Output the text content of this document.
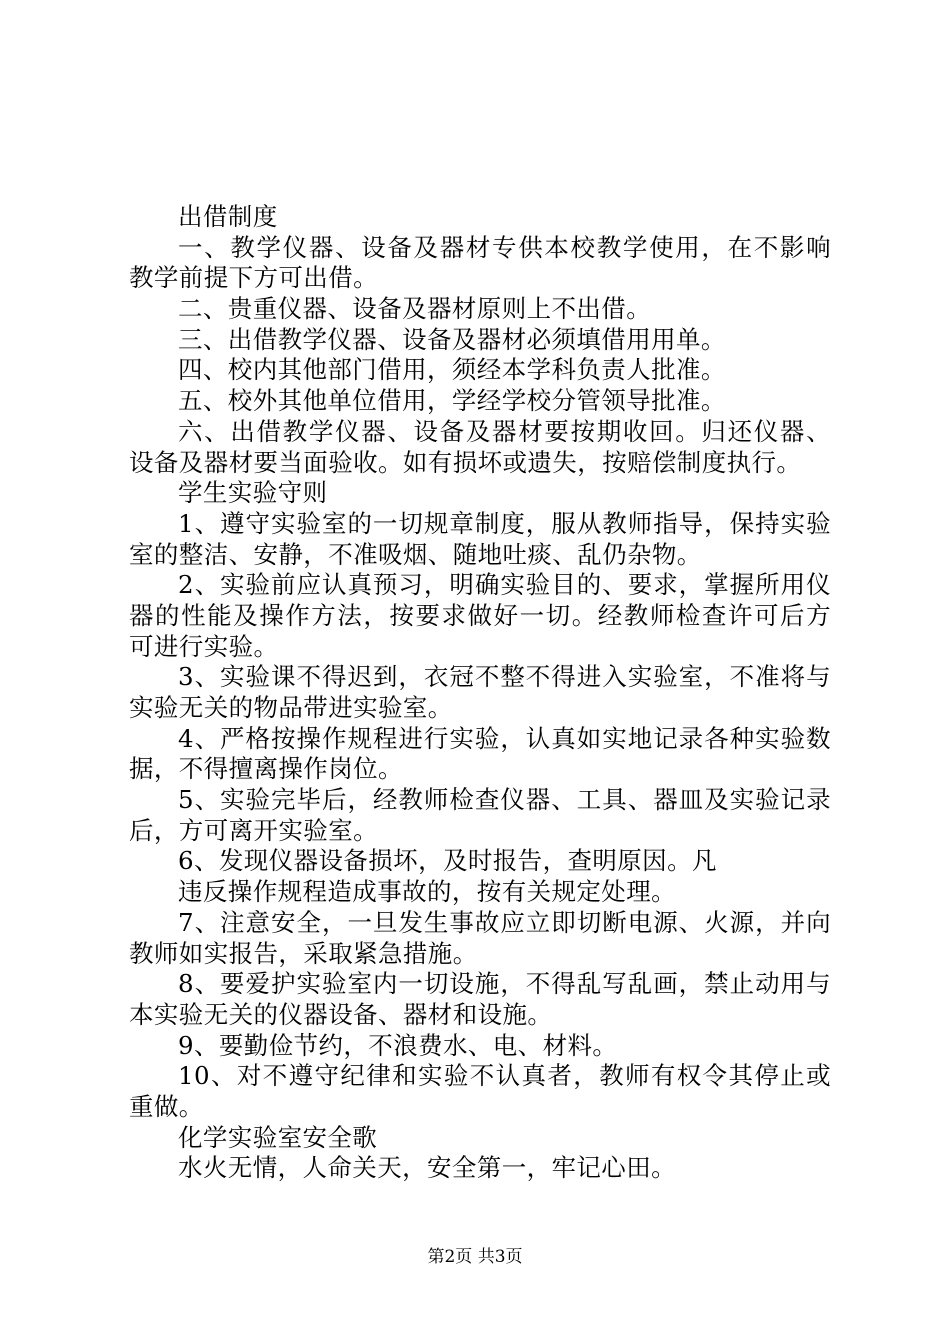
出借制度
一、教学仪器、设备及器材专供本校教学使用，在不影响
教学前提下方可出借。
二、贵重仪器、设备及器材原则上不出借。
三、出借教学仪器、设备及器材必须填借用用单。
四、校内其他部门借用，须经本学科负责人批准。
五、校外其他单位借用，学经学校分管领导批准。
六、出借教学仪器、设备及器材要按期收回。归还仪器、
设备及器材要当面验收。如有损坏或遗失，按赔偿制度执行。
学生实验守则
1、遵守实验室的一切规章制度，服从教师指导，保持实验
室的整洁、安静，不准吸烟、随地吐痰、乱仍杂物。
2、实验前应认真预习，明确实验目的、要求，掌握所用仪
器的性能及操作方法，按要求做好一切。经教师检查许可后方
可进行实验。
3、实验课不得迟到，衣冠不整不得进入实验室，不准将与
实验无关的物品带进实验室。
4、严格按操作规程进行实验，认真如实地记录各种实验数
据，不得擅离操作岗位。
5、实验完毕后，经教师检查仪器、工具、器皿及实验记录
后，方可离开实验室。
6、发现仪器设备损坏，及时报告，查明原因。凡
违反操作规程造成事故的，按有关规定处理。
7、注意安全，一旦发生事故应立即切断电源、火源，并向
教师如实报告，采取紧急措施。
8、要爱护实验室内一切设施，不得乱写乱画，禁止动用与
本实验无关的仪器设备、器材和设施。
9、要勤俭节约，不浪费水、电、材料。
10、对不遵守纪律和实验不认真者，教师有权令其停止或
重做。
化学实验室安全歌
水火无情，人命关天，安全第一，牢记心田。
第2页 共3页
